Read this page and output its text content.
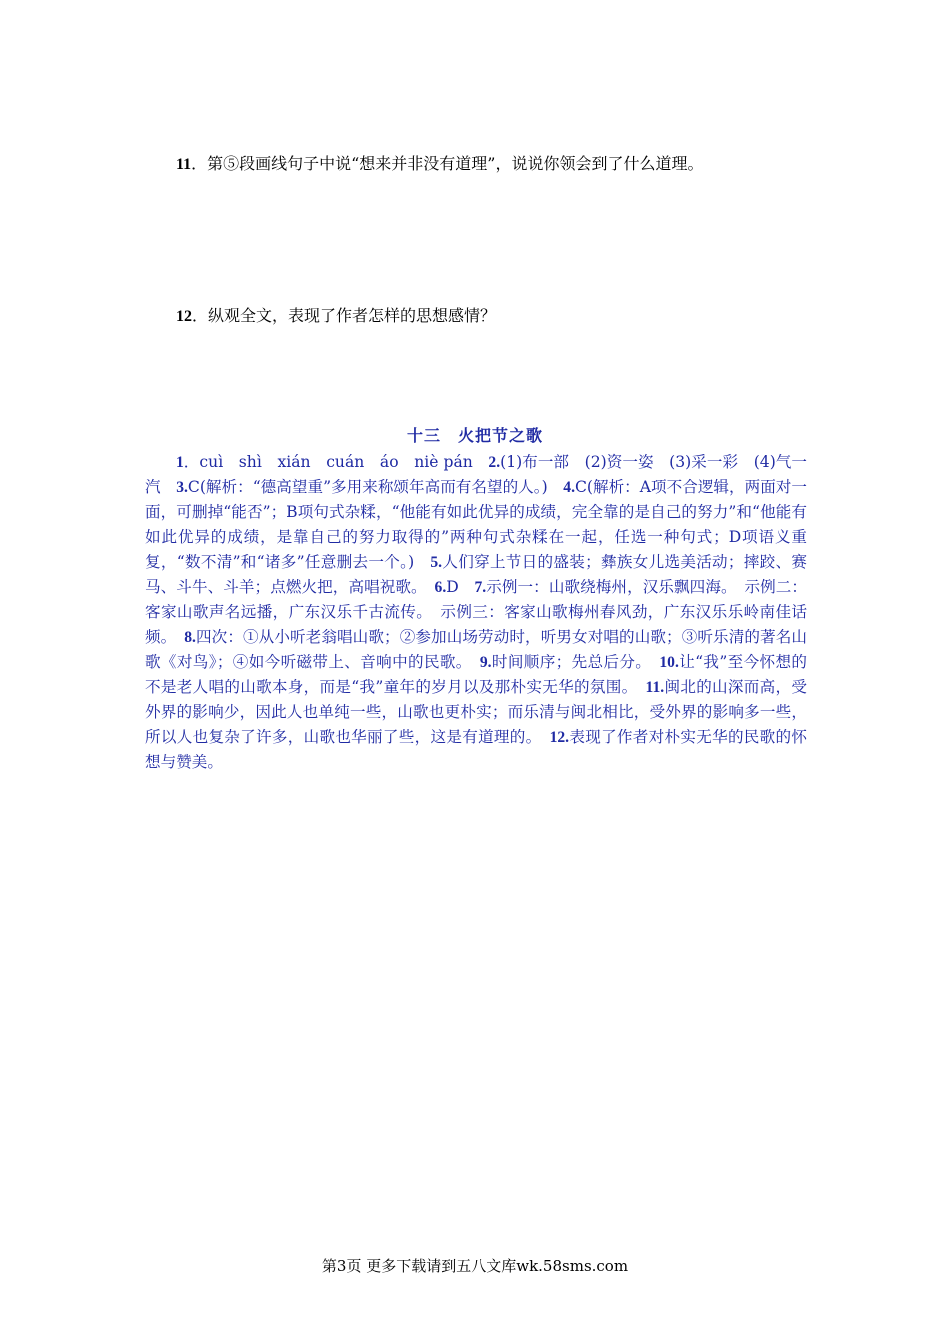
11．第⑤段画线句子中说“想来并非没有道理”，说说你领会到了什么道理。
12．纵观全文，表现了作者怎样的思想感情？
十三　火把节之歌
1．cuì　shì　xián　cuán　áo　niè pán　2.(1)布一部　(2)资一姿　(3)采一彩　(4)气一汽　3.C(解析：“德高望重”多用来称颂年高而有名望的人。)　4.C(解析：A项不合逻辑，两面对一面，可删掉“能否”；B项句式杂糅，“他能有如此优异的成绩，完全靠的是自己的努力”和“他能有如此优异的成绩，是靠自己的努力取得的”两种句式杂糅在一起，任选一种句式；D项语义重复，“数不清”和“诸多”任意删去一个。)　5.人们穿上节日的盛装；彝族女儿选美活动；摔跤、赛马、斗牛、斗羊；点燃火把，高唱祝歌。　6.D　7.示例一：山歌绕梅州，汉乐飘四海。　示例二：客家山歌声名远播，广东汉乐千古流传。　示例三：客家山歌梅州春风劲，广东汉乐乐岭南佳话频。　8.四次：①从小听老翁唱山歌；②参加山场劳动时，听男女对唱的山歌；③听乐清的著名山歌《对鸟》；④如今听磁带上、音响中的民歌。　9.时间顺序；先总后分。　10.让“我”至今怀想的不是老人唱的山歌本身，而是“我”童年的岁月以及那朴实无华的氛围。　11.闽北的山深而高，受外界的影响少，因此人也单纯一些，山歌也更朴实；而乐清与闽北相比，受外界的影响多一些，所以人也复杂了许多，山歌也华丽了些，这是有道理的。　12.表现了作者对朴实无华的民歌的怀想与赞美。
第3页 更多下载请到五八文库wk.58sms.com
